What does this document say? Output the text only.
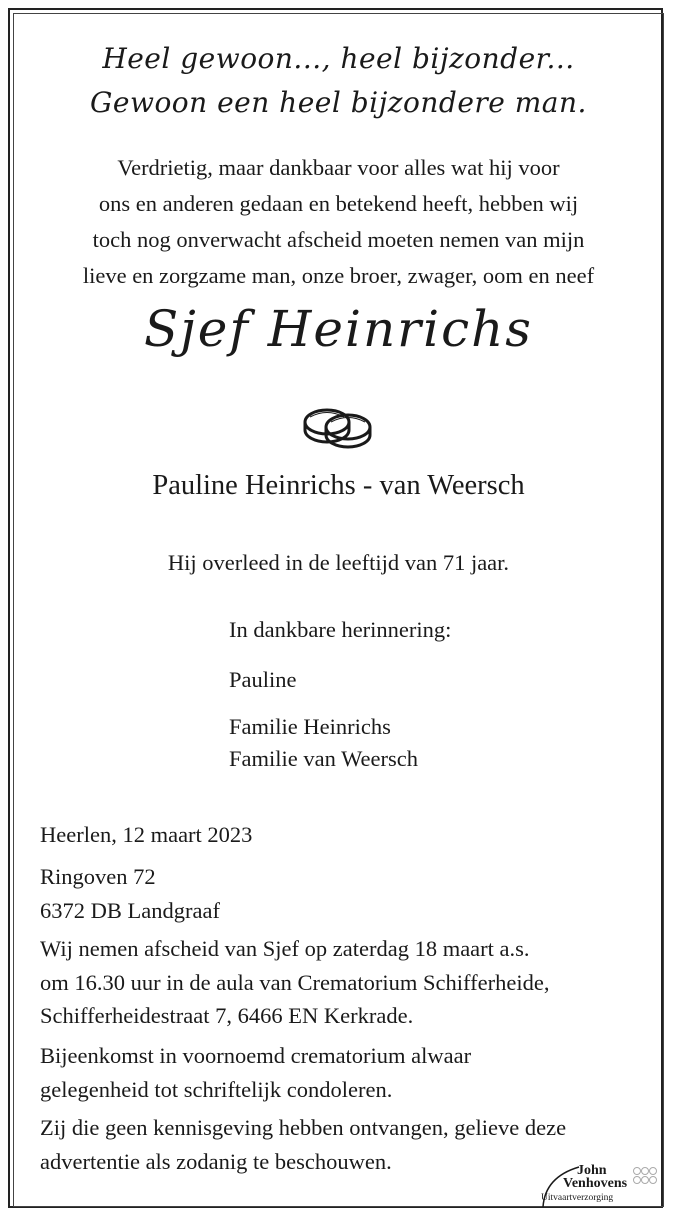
Heel gewoon..., heel bijzonder...
Gewoon een heel bijzondere man.
Verdrietig, maar dankbaar voor alles wat hij voor
ons en anderen gedaan en betekend heeft, hebben wij
toch nog onverwacht afscheid moeten nemen van mijn
lieve en zorgzame man, onze broer, zwager, oom en neef
Sjef Heinrichs
Pauline Heinrichs - van Weersch
Hij overleed in de leeftijd van 71 jaar.
In dankbare herinnering:
Pauline
Familie Heinrichs
Familie van Weersch
Heerlen, 12 maart 2023
Ringoven 72
6372 DB Landgraaf
Wij nemen afscheid van Sjef op zaterdag 18 maart a.s.
om 16.30 uur in de aula van Crematorium Schifferheide,
Schifferheidestraat 7, 6466 EN Kerkrade.
Bijeenkomst in voornoemd crematorium alwaar
gelegenheid tot schriftelijk condoleren.
Zij die geen kennisgeving hebben ontvangen, gelieve deze
advertentie als zodanig te beschouwen.	John
Venhovens
Uitvaartverzorging
